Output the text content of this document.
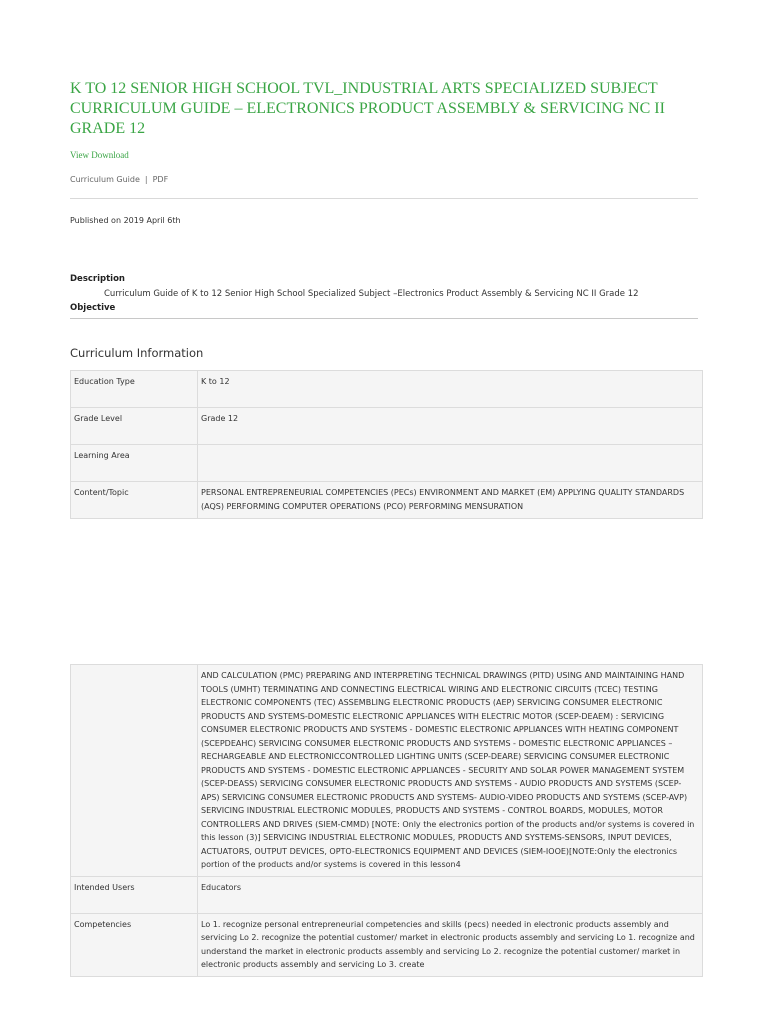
K TO 12 SENIOR HIGH SCHOOL TVL_INDUSTRIAL ARTS SPECIALIZED SUBJECT CURRICULUM GUIDE – ELECTRONICS PRODUCT ASSEMBLY & SERVICING NC II GRADE 12
View Download
Curriculum Guide | PDF
Published on 2019 April 6th
Description
Curriculum Guide of K to 12 Senior High School Specialized Subject –Electronics Product Assembly & Servicing NC II Grade 12
Objective
Curriculum Information
Education Type	K to 12
Grade Level	Grade 12
Learning Area	
Content/Topic	PERSONAL ENTREPRENEURIAL COMPETENCIES (PECs) ENVIRONMENT AND MARKET (EM) APPLYING QUALITY STANDARDS (AQS) PERFORMING COMPUTER OPERATIONS (PCO) PERFORMING MENSURATION
	AND CALCULATION (PMC) PREPARING AND INTERPRETING TECHNICAL DRAWINGS (PITD) USING AND MAINTAINING HAND TOOLS (UMHT) TERMINATING AND CONNECTING ELECTRICAL WIRING AND ELECTRONIC CIRCUITS (TCEC) TESTING ELECTRONIC COMPONENTS (TEC) ASSEMBLING ELECTRONIC PRODUCTS (AEP) SERVICING CONSUMER ELECTRONIC PRODUCTS AND SYSTEMS-DOMESTIC ELECTRONIC APPLIANCES WITH ELECTRIC MOTOR (SCEP-DEAEM) : SERVICING CONSUMER ELECTRONIC PRODUCTS AND SYSTEMS - DOMESTIC ELECTRONIC APPLIANCES WITH HEATING COMPONENT (SCEPDEAHC) SERVICING CONSUMER ELECTRONIC PRODUCTS AND SYSTEMS - DOMESTIC ELECTRONIC APPLIANCES – RECHARGEABLE AND ELECTRONICCONTROLLED LIGHTING UNITS (SCEP-DEARE) SERVICING CONSUMER ELECTRONIC PRODUCTS AND SYSTEMS - DOMESTIC ELECTRONIC APPLIANCES - SECURITY AND SOLAR POWER MANAGEMENT SYSTEM (SCEP-DEASS) SERVICING CONSUMER ELECTRONIC PRODUCTS AND SYSTEMS - AUDIO PRODUCTS AND SYSTEMS (SCEP-APS) SERVICING CONSUMER ELECTRONIC PRODUCTS AND SYSTEMS- AUDIO-VIDEO PRODUCTS AND SYSTEMS (SCEP-AVP) SERVICING INDUSTRIAL ELECTRONIC MODULES, PRODUCTS AND SYSTEMS - CONTROL BOARDS, MODULES, MOTOR CONTROLLERS AND DRIVES (SIEM-CMMD) [NOTE: Only the electronics portion of the products and/or systems is covered in this lesson (3)] SERVICING INDUSTRIAL ELECTRONIC MODULES, PRODUCTS AND SYSTEMS-SENSORS, INPUT DEVICES, ACTUATORS, OUTPUT DEVICES, OPTO-ELECTRONICS EQUIPMENT AND DEVICES (SIEM-IOOE)[NOTE:Only the electronics portion of the products and/or systems is covered in this lesson4
Intended Users	Educators
Competencies	Lo 1. recognize personal entrepreneurial competencies and skills (pecs) needed in electronic products assembly and servicing Lo 2. recognize the potential customer/ market in electronic products assembly and servicing Lo 1. recognize and understand the market in electronic products assembly and servicing Lo 2. recognize the potential customer/ market in electronic products assembly and servicing Lo 3. create
